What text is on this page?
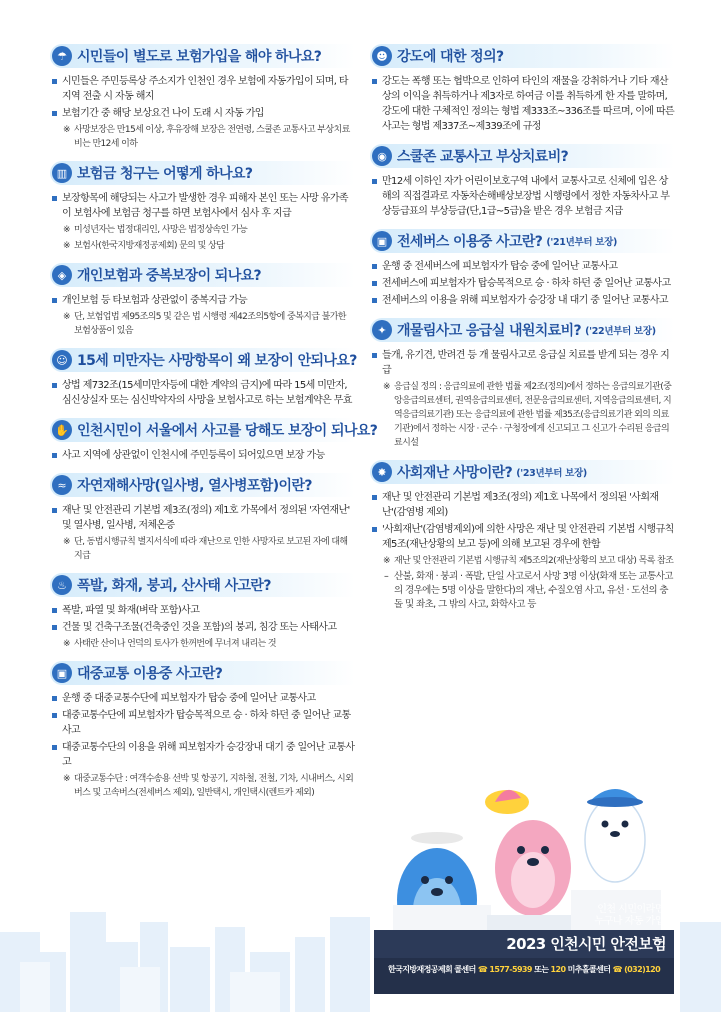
☂ 시민들이 별도로 보험가입을 해야 하나요?
시민들은 주민등록상 주소지가 인천인 경우 보험에 자동가입이 되며, 타 지역 전출 시 자동 해지
보험기간 중 해당 보상요건 나이 도래 시 자동 가입
※ 사망보장은 만15세 이상, 후유장해 보장은 전연령, 스쿨존 교통사고 부상치료비는 만12세 이하
▥ 보험금 청구는 어떻게 하나요?
보장항목에 해당되는 사고가 발생한 경우 피해자 본인 또는 사망 유가족이 보험사에 보험금 청구를 하면 보험사에서 심사 후 지급
※ 미성년자는 법정대리인, 사망은 법정상속인 가능
※ 보험사(한국지방재정공제회) 문의 및 상담
◈ 개인보험과 중복보장이 되나요?
개인보험 등 타보험과 상관없이 중복지급 가능
※ 단, 보험업법 제95조의5 및 같은 법 시행령 제42조의5항에 중복지급 불가한 보험상품이 있음
☺ 15세 미만자는 사망항목이 왜 보장이 안되나요?
상법 제732조(15세미만자등에 대한 계약의 금지)에 따라 15세 미만자, 심신상실자 또는 심신박약자의 사망을 보험사고로 하는 보험계약은 무효
✋ 인천시민이 서울에서 사고를 당해도 보장이 되나요?
사고 지역에 상관없이 인천시에 주민등록이 되어있으면 보장 가능
≈ 자연재해사망(일사병, 열사병포함)이란?
재난 및 안전관리 기본법 제3조(정의) 제1호 가목에서 정의된 '자연재난' 및 열사병, 일사병, 저체온증
※ 단, 동법시행규칙 별지서식에 따라 재난으로 인한 사망자로 보고된 자에 대해 지급
♨ 폭발, 화재, 붕괴, 산사태 사고란?
폭발, 파열 및 화재(벼락 포함)사고
건물 및 건축구조물(건축중인 것을 포함)의 붕괴, 침강 또는 사태사고
※ 사태란 산이나 언덕의 토사가 한꺼번에 무너져 내리는 것
▣ 대중교통 이용중 사고란?
운행 중 대중교통수단에 피보험자가 탑승 중에 일어난 교통사고
대중교통수단에 피보험자가 탑승목적으로 승 · 하차 하던 중 일어난 교통사고
대중교통수단의 이용을 위해 피보험자가 승강장내 대기 중 일어난 교통사고
※ 대중교통수단 : 여객수송용 선박 및 항공기, 지하철, 전철, 기차, 시내버스, 시외버스 및 고속버스(전세버스 제외), 일반택시, 개인택시(렌트카 제외)
☻ 강도에 대한 정의?
강도는 폭행 또는 협박으로 인하여 타인의 재물을 강취하거나 기타 재산상의 이익을 취득하거나 제3자로 하여금 이를 취득하게 한 자를 말하며, 강도에 대한 구체적인 정의는 형법 제333조~336조를 따르며, 이에 따른 사고는 형법 제337조~제339조에 규정
◉ 스쿨존 교통사고 부상치료비?
만12세 이하인 자가 어린이보호구역 내에서 교통사고로 신체에 입은 상해의 직접결과로 자동차손해배상보장법 시행령에서 정한 자동차사고 부상등급표의 부상등급(단,1급~5급)을 받은 경우 보험금 지급
▣ 전세버스 이용중 사고란? ('21년부터 보장)
운행 중 전세버스에 피보험자가 탑승 중에 일어난 교통사고
전세버스에 피보험자가 탑승목적으로 승 · 하차 하던 중 일어난 교통사고
전세버스의 이용을 위해 피보험자가 승강장 내 대기 중 일어난 교통사고
✦ 개물림사고 응급실 내원치료비? ('22년부터 보장)
들개, 유기견, 반려견 등 개 물림사고로 응급실 치료를 받게 되는 경우 지급
※ 응급실 정의 : 응급의료에 관한 법률 제2조(정의)에서 정하는 응급의료기관(중앙응급의료센터, 권역응급의료센터, 전문응급의료센터, 지역응급의료센터, 지역응급의료기관) 또는 응급의료에 관한 법률 제35조(응급의료기관 외의 의료기관)에서 정하는 시장 · 군수 · 구청장에게 신고되고 그 신고가 수리된 응급의료시설
✸ 사회재난 사망이란? ('23년부터 보장)
재난 및 안전관리 기본법 제3조(정의) 제1호 나목에서 정의된 '사회재난'(감염병 제외)
'사회재난'(감염병제외)에 의한 사망은 재난 및 안전관리 기본법 시행규칙 제5조(재난상황의 보고 등)에 의해 보고된 경우에 한함
※ 재난 및 안전관리 기본법 시행규칙 제5조의2(재난상황의 보고 대상) 목록 참조
– 산불, 화재 · 붕괴 · 폭발, 단일 사고로서 사망 3명 이상(화재 또는 교통사고의 경우에는 5명 이상을 말한다)의 재난, 수질오염 사고, 유선 · 도선의 충돌 및 좌초, 그 밖의 사고, 화학사고 등
인천 시민이라면
누구나 자동 가입
2023 인천시민 안전보험
한국지방재정공제회 콜센터 ☎ 1577-5939 또는 120 미추홀콜센터 ☎ (032)120
